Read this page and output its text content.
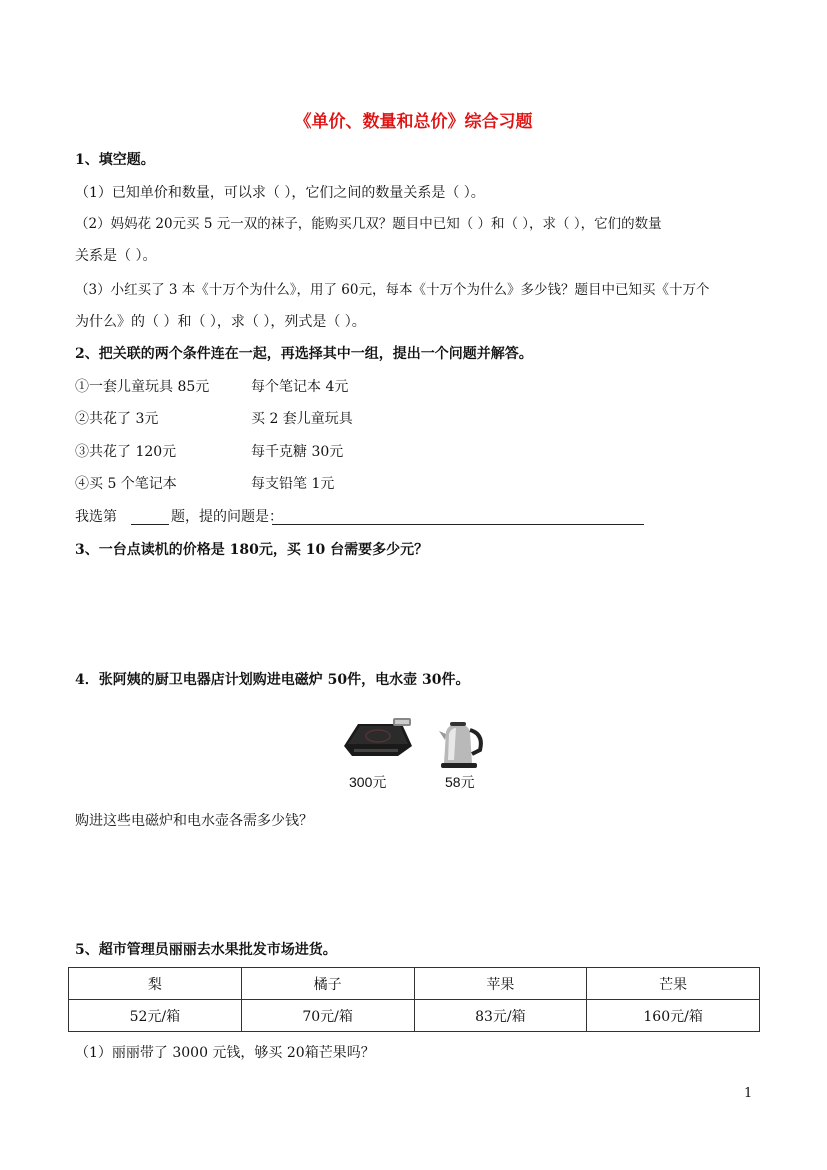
《单价、数量和总价》综合习题
1、填空题。
（1）已知单价和数量，可以求（ ），它们之间的数量关系是（ ）。
（2）妈妈花 20元买 5 元一双的袜子，能购买几双？题目中已知（ ）和（ ），求（ ），它们的数量
关系是（ ）。
（3）小红买了 3 本《十万个为什么》，用了 60元，每本《十万个为什么》多少钱？题目中已知买《十万个
为什么》的（ ）和（ ），求（ ），列式是（ ）。
2、把关联的两个条件连在一起，再选择其中一组，提出一个问题并解答。
①一套儿童玩具 85元	每个笔记本 4元
②共花了 3元	买 2 套儿童玩具
③共花了 120元	每千克糖 30元
④买 5 个笔记本	每支铅笔 1元
我选第	题，提的问题是：
3、一台点读机的价格是 180元，买 10 台需要多少元？
4．张阿姨的厨卫电器店计划购进电磁炉 50件，电水壶 30件。
300元	58元
购进这些电磁炉和电水壶各需多少钱？
5、超市管理员丽丽去水果批发市场进货。
梨	橘子	苹果	芒果
52元/箱	70元/箱	83元/箱	160元/箱
（1）丽丽带了 3000 元钱，够买 20箱芒果吗？
1
